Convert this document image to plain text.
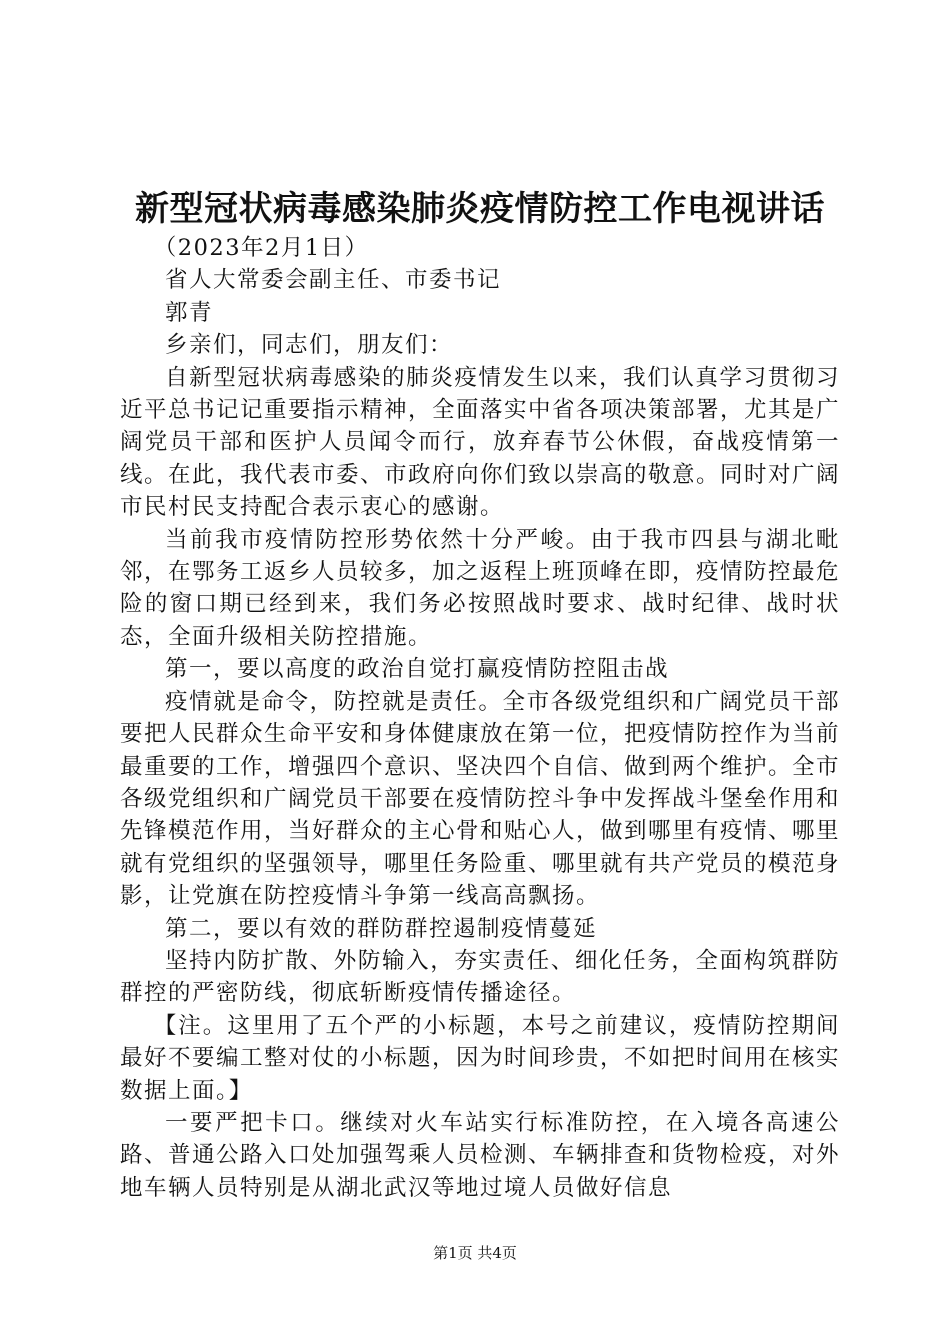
新型冠状病毒感染肺炎疫情防控工作电视讲话

（2023年2月1日）

省人大常委会副主任、市委书记

郭青

乡亲们，同志们，朋友们：

自新型冠状病毒感染的肺炎疫情发生以来，我们认真学习贯彻习近平总书记记重要指示精神，全面落实中省各项决策部署，尤其是广阔党员干部和医护人员闻令而行，放弃春节公休假，奋战疫情第一线。在此，我代表市委、市政府向你们致以崇高的敬意。同时对广阔市民村民支持配合表示衷心的感谢。

当前我市疫情防控形势依然十分严峻。由于我市四县与湖北毗邻，在鄂务工返乡人员较多，加之返程上班顶峰在即，疫情防控最危险的窗口期已经到来，我们务必按照战时要求、战时纪律、战时状态，全面升级相关防控措施。

第一，要以高度的政治自觉打赢疫情防控阻击战

疫情就是命令，防控就是责任。全市各级党组织和广阔党员干部要把人民群众生命平安和身体健康放在第一位，把疫情防控作为当前最重要的工作，增强四个意识、坚决四个自信、做到两个维护。全市各级党组织和广阔党员干部要在疫情防控斗争中发挥战斗堡垒作用和先锋模范作用，当好群众的主心骨和贴心人，做到哪里有疫情、哪里就有党组织的坚强领导，哪里任务险重、哪里就有共产党员的模范身影，让党旗在防控疫情斗争第一线高高飘扬。

第二，要以有效的群防群控遏制疫情蔓延

坚持内防扩散、外防输入，夯实责任、细化任务，全面构筑群防群控的严密防线，彻底斩断疫情传播途径。

【注。这里用了五个严的小标题，本号之前建议，疫情防控期间最好不要编工整对仗的小标题，因为时间珍贵，不如把时间用在核实数据上面。】

一要严把卡口。继续对火车站实行标准防控，在入境各高速公路、普通公路入口处加强驾乘人员检测、车辆排查和货物检疫，对外地车辆人员特别是从湖北武汉等地过境人员做好信息

第1页 共4页
